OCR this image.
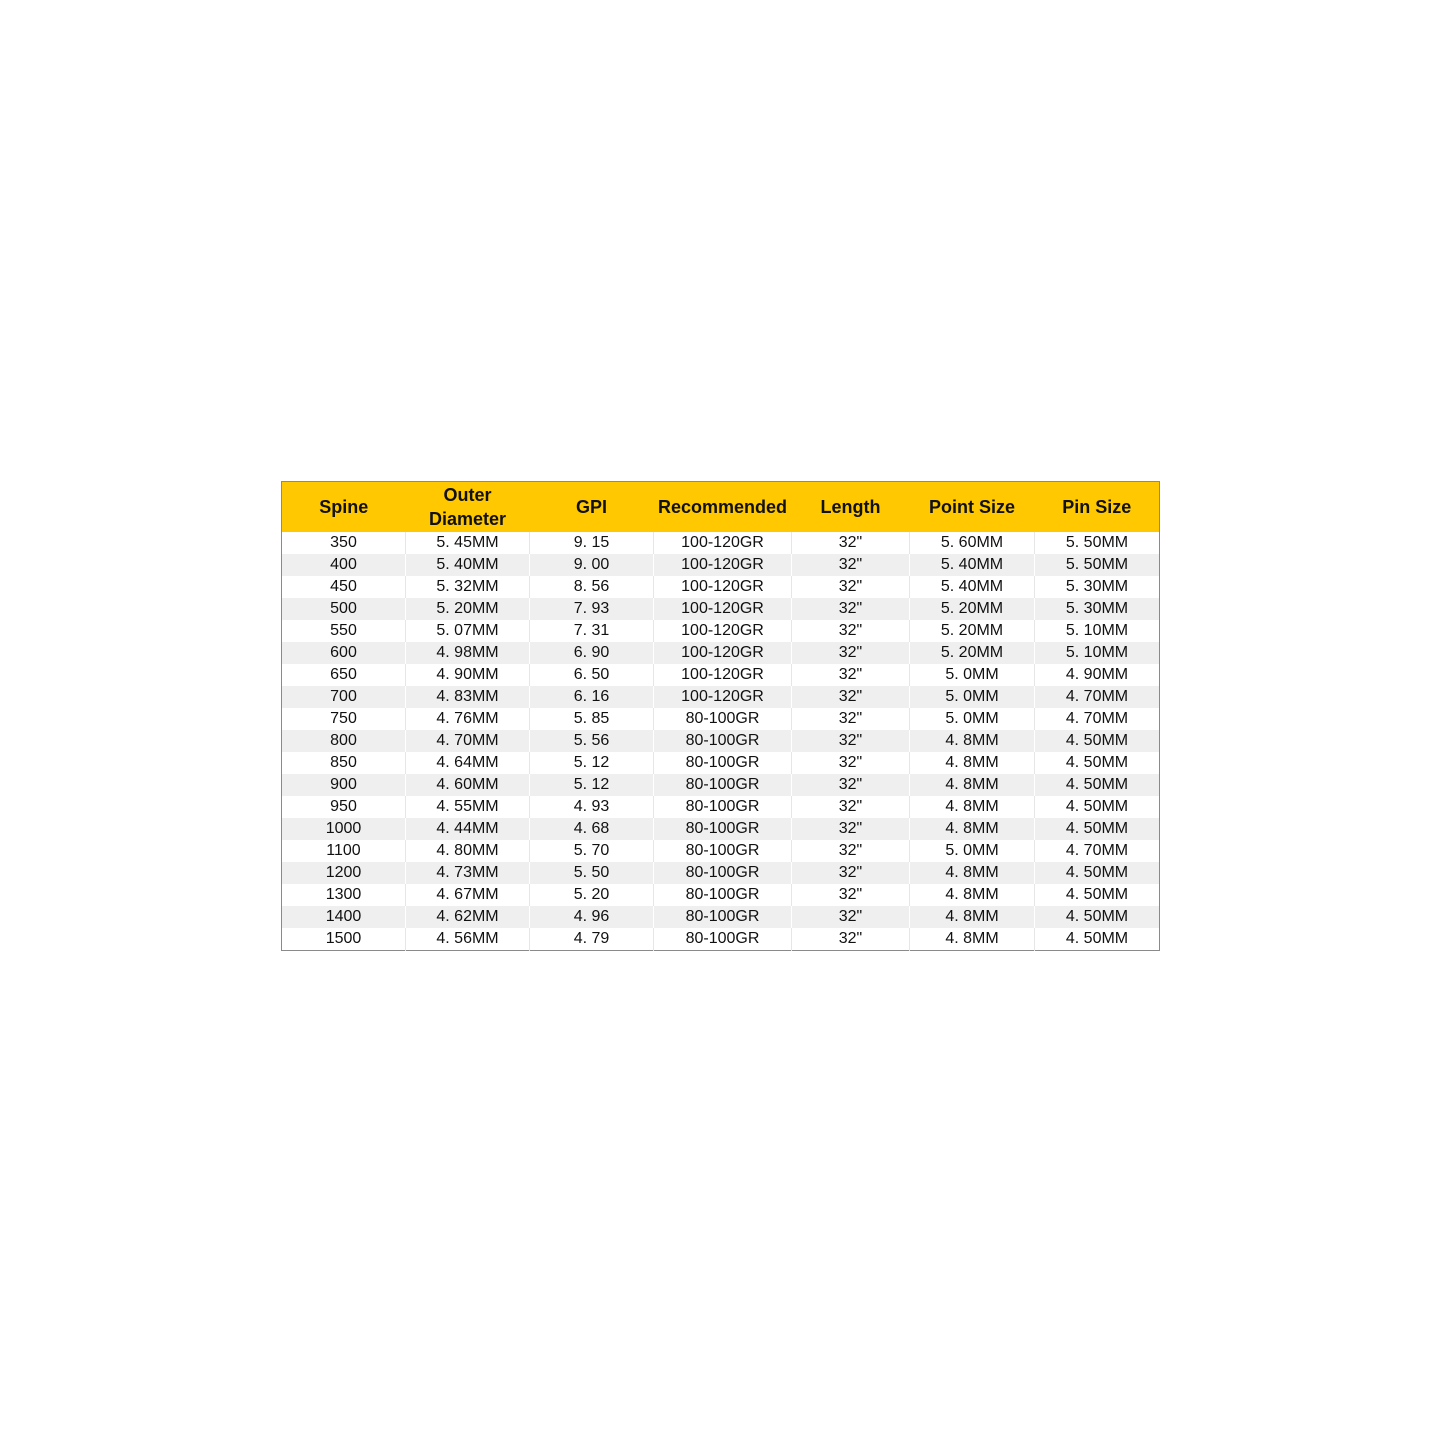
Spine	Outer Diameter	GPI	Recommended	Length	Point Size	Pin Size
350	5. 45MM	9. 15	100-120GR	32"	5. 60MM	5. 50MM
400	5. 40MM	9. 00	100-120GR	32"	5. 40MM	5. 50MM
450	5. 32MM	8. 56	100-120GR	32"	5. 40MM	5. 30MM
500	5. 20MM	7. 93	100-120GR	32"	5. 20MM	5. 30MM
550	5. 07MM	7. 31	100-120GR	32"	5. 20MM	5. 10MM
600	4. 98MM	6. 90	100-120GR	32"	5. 20MM	5. 10MM
650	4. 90MM	6. 50	100-120GR	32"	5. 0MM	4. 90MM
700	4. 83MM	6. 16	100-120GR	32"	5. 0MM	4. 70MM
750	4. 76MM	5. 85	80-100GR	32"	5. 0MM	4. 70MM
800	4. 70MM	5. 56	80-100GR	32"	4. 8MM	4. 50MM
850	4. 64MM	5. 12	80-100GR	32"	4. 8MM	4. 50MM
900	4. 60MM	5. 12	80-100GR	32"	4. 8MM	4. 50MM
950	4. 55MM	4. 93	80-100GR	32"	4. 8MM	4. 50MM
1000	4. 44MM	4. 68	80-100GR	32"	4. 8MM	4. 50MM
1100	4. 80MM	5. 70	80-100GR	32"	5. 0MM	4. 70MM
1200	4. 73MM	5. 50	80-100GR	32"	4. 8MM	4. 50MM
1300	4. 67MM	5. 20	80-100GR	32"	4. 8MM	4. 50MM
1400	4. 62MM	4. 96	80-100GR	32"	4. 8MM	4. 50MM
1500	4. 56MM	4. 79	80-100GR	32"	4. 8MM	4. 50MM
